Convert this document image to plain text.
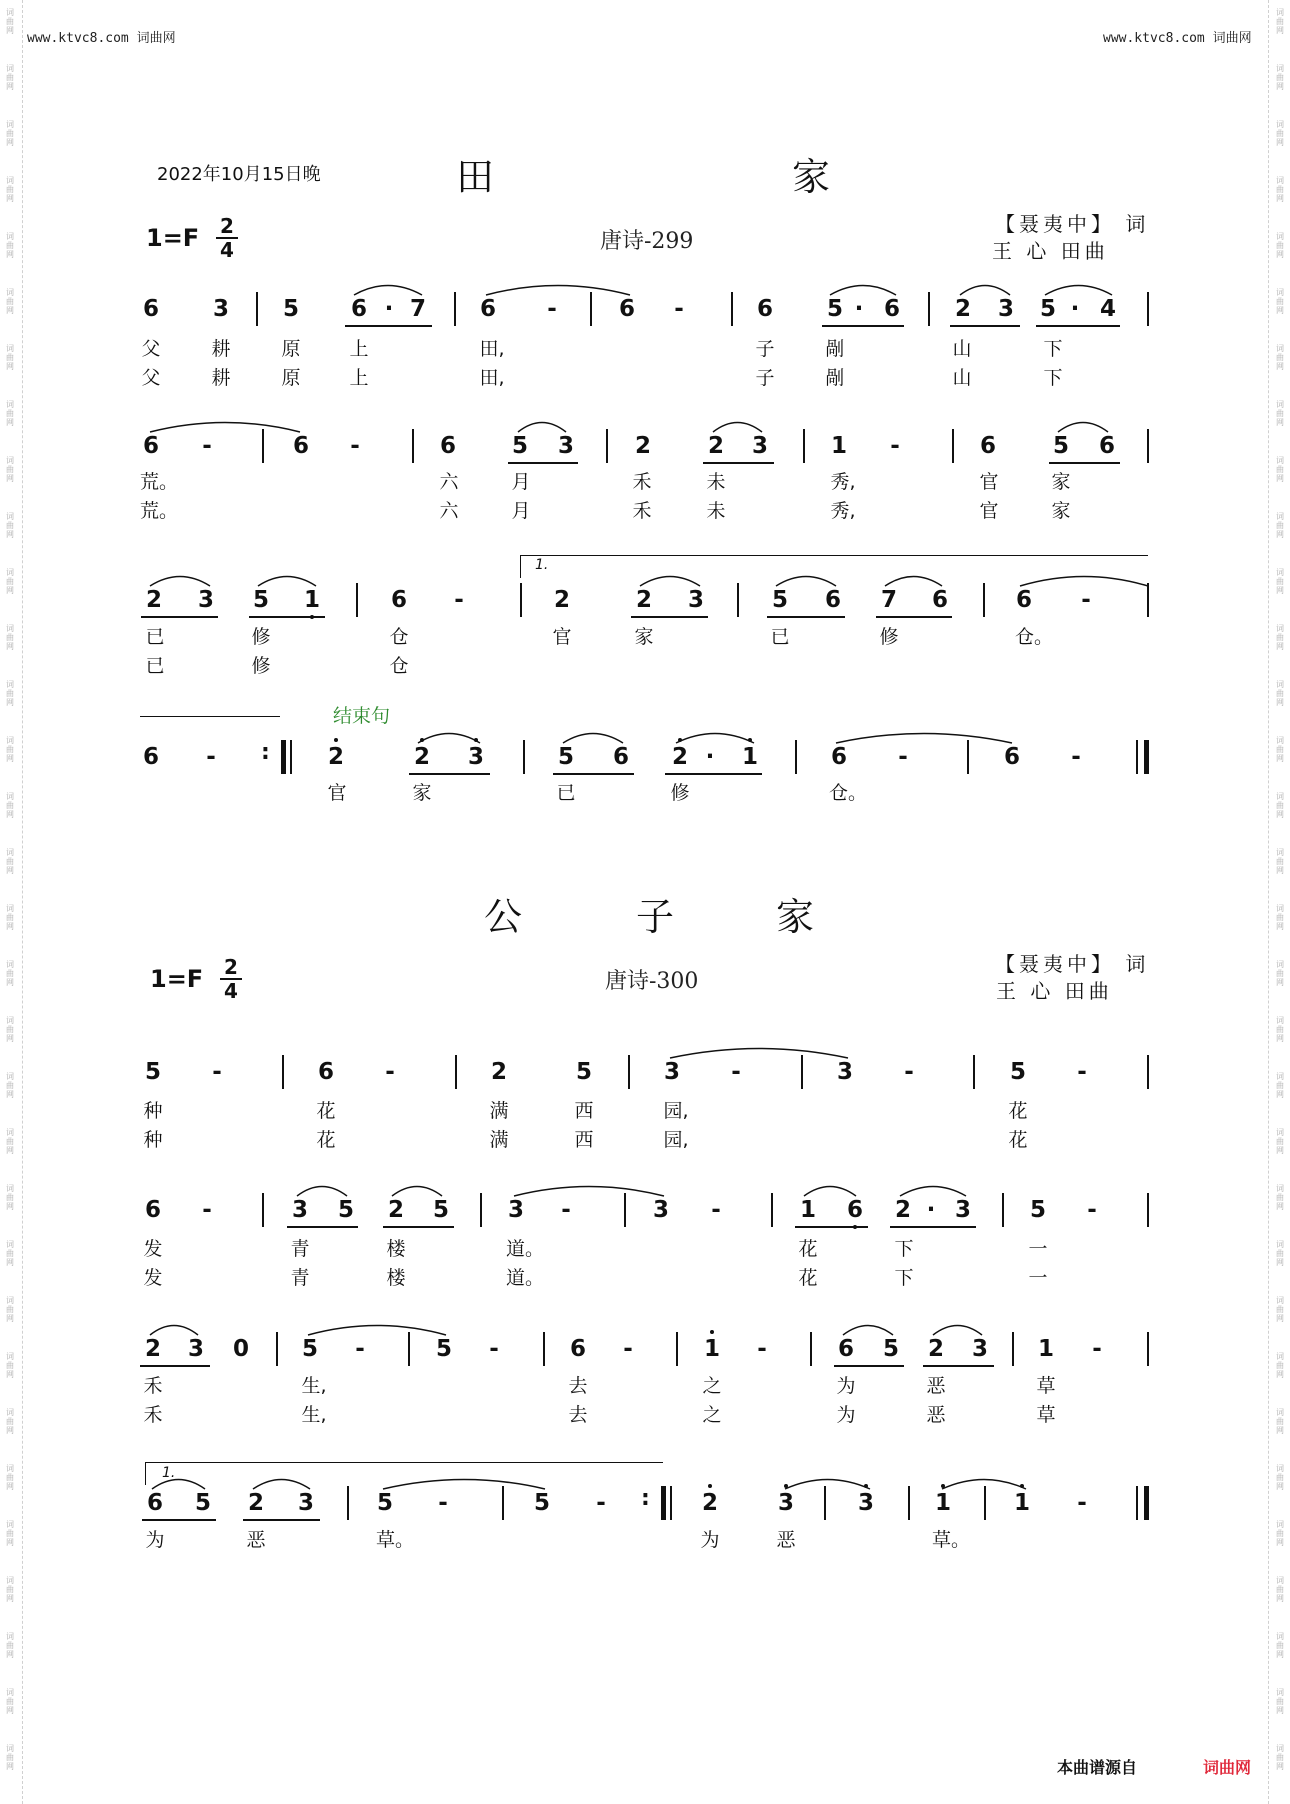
词
曲
网
词
曲
网
词
曲
网
词
曲
网
词
曲
网
词
曲
网
词
曲
网
词
曲
网
词
曲
网
词
曲
网
词
曲
网
词
曲
网
词
曲
网
词
曲
网
词
曲
网
词
曲
网
词
曲
网
词
曲
网
词
曲
网
词
曲
网
词
曲
网
词
曲
网
词
曲
网
词
曲
网
词
曲
网
词
曲
网
词
曲
网
词
曲
网
词
曲
网
词
曲
网
词
曲
网
词
曲
网
词
曲
网
词
曲
网
词
曲
网
词
曲
网
词
曲
网
词
曲
网
词
曲
网
词
曲
网
词
曲
网
词
曲
网
词
曲
网
词
曲
网
词
曲
网
词
曲
网
词
曲
网
词
曲
网
词
曲
网
词
曲
网
词
曲
网
词
曲
网
词
曲
网
词
曲
网
词
曲
网
词
曲
网
词
曲
网
词
曲
网
词
曲
网
词
曲
网
词
曲
网
词
曲
网
词
曲
网
词
曲
网
www.ktvc8.com 词曲网	www.ktvc8.com 词曲网
2022年10月15日晚	田	家
1=F 2
4	唐诗-299
【聂夷中】 词
王 心 田曲
结束句
1.
公	子	家
1=F 2
4	唐诗-300
【聂夷中】 词
王 心 田曲
1.
6 3 5 6 · 7 6	-	6	-	6 5 · 6 2 3 5 · 4
父	耕	原	上	田,	子	剮	山	下
父	耕	原	上	田,	子	剮	山	下
6	-	6	-	6 5 3	2 2 3	1	-	6 5 6
荒。	六	月	禾	未	秀,	官	家
荒。	六	月	禾	未	秀,	官	家
2 3 5 1	6	-	2	2 3	5 6 7 6	6	-
已	修	仓	官	家	已	修	仓。
已	修	仓
6	-	:	2	2 3	5 6 2 ·	1	6	-	6	-
官	家	已	修	仓。
5	-	6	-	2	5	3	-	3	-	5	-
种	花	满	西	园,	花
种	花	满	西	园,	花
6	-	3 5 2 5	3	-	3	-	1 6 2 · 3	5	-
发	青	楼	道。	花	下	一
发	青	楼	道。	花	下	一
2 3 0 5	-	5	-	6	-	1	-	6 5 2 3 1	-
禾	生,	去	之	为	恶	草
禾	生,	去	之	为	恶	草
6 5 2 3	5	-	5	-	: 2	3	3	1	1	-
为	恶	草。	为	恶	草。
本曲谱源自	词曲网
